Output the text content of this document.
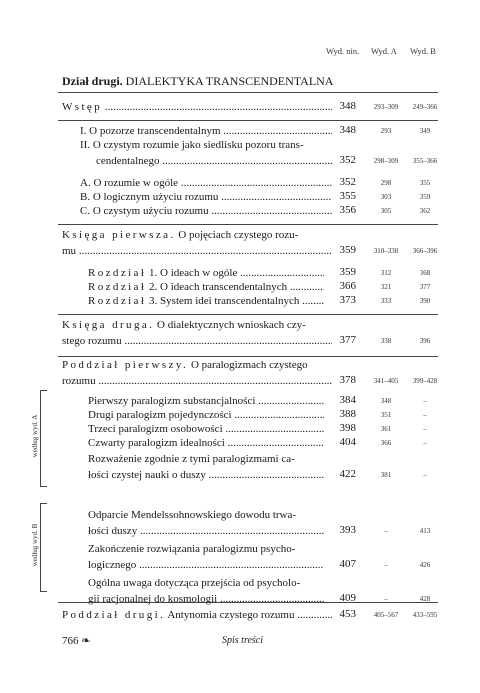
Wyd. nin. Wyd. A Wyd. B
Dział drugi. DIALEKTYKA TRANSCENDENTALNA
Wstęp .....	348	293–309	249–366
I. O pozorze transcendentalnym .....	348	293	349
II. O czystym rozumie jako siedlisku pozoru trans-
cendentalnego .....	352	298–309	355–366
A. O rozumie w ogóle .....	352	298	355
B. O logicznym użyciu rozumu .....	355	303	359
C. O czystym użyciu rozumu .....	356	305	362
Księga pierwsza. O pojęciach czystego rozu-
mu .....	359	310–338	366–396
Rozdział 1. O ideach w ogóle .....	359	312	368
Rozdział 2. O ideach transcendentalnych .....	366	321	377
Rozdział 3. System idei transcendentalnych .....	373	333	390
Księga druga. O dialektycznych wnioskach czy-
stego rozumu .....	377	338	396
Poddział pierwszy. O paralogizmach czystego
rozumu .....	378	341–405	399–428
Pierwszy paralogizm substancjalności .....	384	348	–
Drugi paralogizm pojedynczości .....	388	351	–
Trzeci paralogizm osobowości .....	398	361	–
Czwarty paralogizm idealności .....	404	366	–
Rozważenie zgodnie z tymi paralogizmami ca-
łości czystej nauki o duszy .....	422	381	–
Odparcie Mendelssohnowskiego dowodu trwa-
łości duszy .....	393	–	413
Zakończenie rozwiązania paralogizmu psycho-
logicznego .....	407	–	426
Ogólna uwaga dotycząca przejścia od psycholo-
gii racjonalnej do kosmologii .....	409	–	428
Poddział drugi. Antynomia czystego rozumu .....	453	405–567	433–595
według wyd. A
według wyd. B
766 ❧	Spis treści
